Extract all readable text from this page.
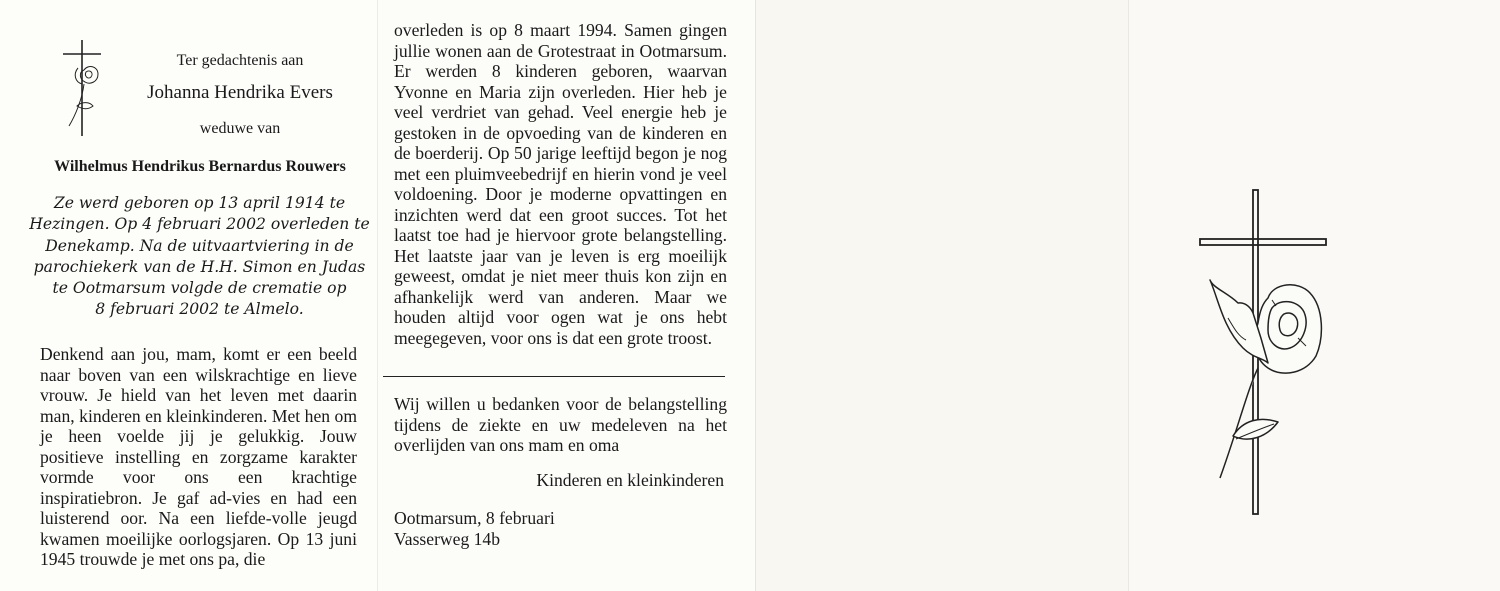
Ter gedachtenis aan

Johanna Hendrika Evers

weduwe van

Wilhelmus Hendrikus Bernardus Rouwers

Ze werd geboren op 13 april 1914 te
Hezingen. Op 4 februari 2002 overleden te
Denekamp. Na de uitvaartviering in de
parochiekerk van de H.H. Simon en Judas
te Ootmarsum volgde de crematie op
8 februari 2002 te Almelo.

Denkend aan jou, mam, komt er een beeld naar boven van een wilskrachtige en lieve vrouw. Je hield van het leven met daarin man, kinderen en kleinkinderen. Met hen om je heen voelde jij je gelukkig. Jouw positieve instelling en zorgzame karakter vormde voor ons een krachtige inspiratiebron. Je gaf ad-vies en had een luisterend oor. Na een liefde-volle jeugd kwamen moeilijke oorlogsjaren. Op 13 juni 1945 trouwde je met ons pa, die

overleden is op 8 maart 1994. Samen gingen jullie wonen aan de Grotestraat in Ootmarsum. Er werden 8 kinderen geboren, waarvan Yvonne en Maria zijn overleden. Hier heb je veel verdriet van gehad. Veel energie heb je gestoken in de opvoeding van de kinderen en de boerderij. Op 50 jarige leeftijd begon je nog met een pluimveebedrijf en hierin vond je veel voldoening. Door je moderne opvattingen en inzichten werd dat een groot succes. Tot het laatst toe had je hiervoor grote belangstelling. Het laatste jaar van je leven is erg moeilijk geweest, omdat je niet meer thuis kon zijn en afhankelijk werd van anderen. Maar we houden altijd voor ogen wat je ons hebt meegegeven, voor ons is dat een grote troost.

Wij willen u bedanken voor de belangstelling tijdens de ziekte en uw medeleven na het overlijden van ons mam en oma

Kinderen en kleinkinderen

Ootmarsum, 8 februari

Vasserweg 14b
